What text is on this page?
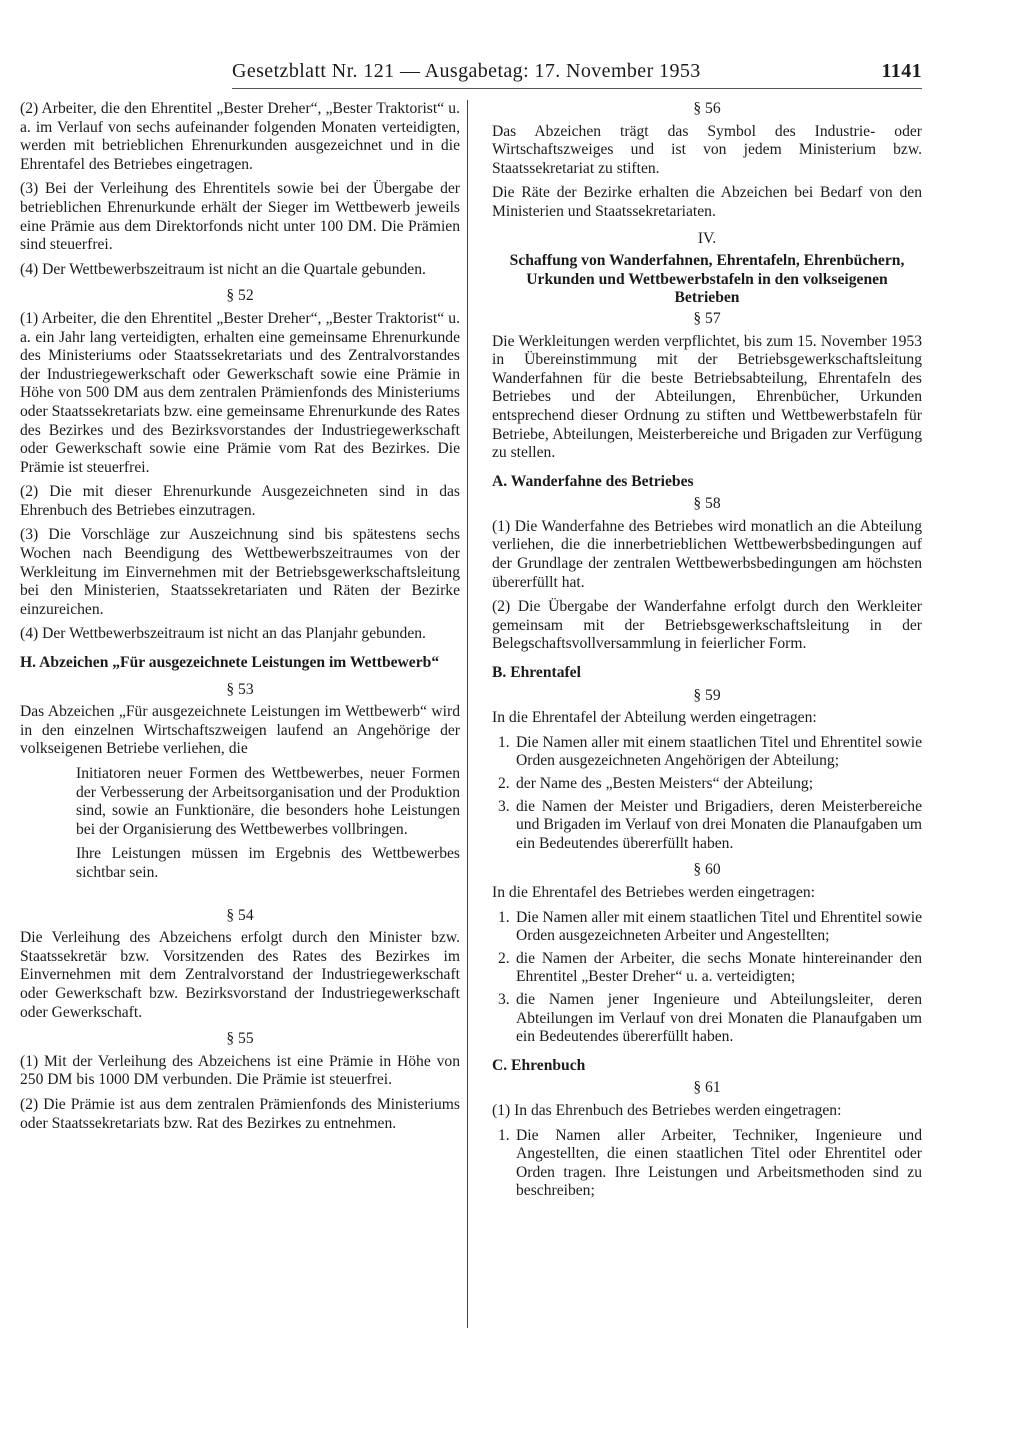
Gesetzblatt Nr. 121 — Ausgabetag: 17. November 1953	1141

(2) Arbeiter, die den Ehrentitel „Bester Dreher“, „Bester Traktorist“ u. a. im Verlauf von sechs aufeinander folgenden Monaten verteidigten, werden mit betrieblichen Ehrenurkunden ausgezeichnet und in die Ehrentafel des Betriebes eingetragen.

(3) Bei der Verleihung des Ehrentitels sowie bei der Übergabe der betrieblichen Ehrenurkunde erhält der Sieger im Wettbewerb jeweils eine Prämie aus dem Direktorfonds nicht unter 100 DM. Die Prämien sind steuerfrei.

(4) Der Wettbewerbszeitraum ist nicht an die Quartale gebunden.

§ 52

(1) Arbeiter, die den Ehrentitel „Bester Dreher“, „Bester Traktorist“ u. a. ein Jahr lang verteidigten, erhalten eine gemeinsame Ehrenurkunde des Ministeriums oder Staatssekretariats und des Zentralvorstandes der Industriegewerkschaft oder Gewerkschaft sowie eine Prämie in Höhe von 500 DM aus dem zentralen Prämienfonds des Ministeriums oder Staatssekretariats bzw. eine gemeinsame Ehrenurkunde des Rates des Bezirkes und des Bezirksvorstandes der Industriegewerkschaft oder Gewerkschaft sowie eine Prämie vom Rat des Bezirkes. Die Prämie ist steuerfrei.

(2) Die mit dieser Ehrenurkunde Ausgezeichneten sind in das Ehrenbuch des Betriebes einzutragen.

(3) Die Vorschläge zur Auszeichnung sind bis spätestens sechs Wochen nach Beendigung des Wettbewerbszeitraumes von der Werkleitung im Einvernehmen mit der Betriebsgewerkschaftsleitung bei den Ministerien, Staatssekretariaten und Räten der Bezirke einzureichen.

(4) Der Wettbewerbszeitraum ist nicht an das Planjahr gebunden.

H. Abzeichen „Für ausgezeichnete Leistungen im Wettbewerb“
§ 53

Das Abzeichen „Für ausgezeichnete Leistungen im Wettbewerb“ wird in den einzelnen Wirtschaftszweigen laufend an Angehörige der volkseigenen Betriebe verliehen, die

Initiatoren neuer Formen des Wettbewerbes, neuer Formen der Verbesserung der Arbeitsorganisation und der Produktion sind, sowie an Funktionäre, die besonders hohe Leistungen bei der Organisierung des Wettbewerbes vollbringen.

Ihre Leistungen müssen im Ergebnis des Wettbewerbes sichtbar sein.

§ 54

Die Verleihung des Abzeichens erfolgt durch den Minister bzw. Staatssekretär bzw. Vorsitzenden des Rates des Bezirkes im Einvernehmen mit dem Zentralvorstand der Industriegewerkschaft oder Gewerkschaft bzw. Bezirksvorstand der Industriegewerkschaft oder Gewerkschaft.

§ 55

(1) Mit der Verleihung des Abzeichens ist eine Prämie in Höhe von 250 DM bis 1000 DM verbunden. Die Prämie ist steuerfrei.

(2) Die Prämie ist aus dem zentralen Prämienfonds des Ministeriums oder Staatssekretariats bzw. Rat des Bezirkes zu entnehmen.

§ 56

Das Abzeichen trägt das Symbol des Industrie- oder Wirtschaftszweiges und ist von jedem Ministerium bzw. Staatssekretariat zu stiften.

Die Räte der Bezirke erhalten die Abzeichen bei Bedarf von den Ministerien und Staatssekretariaten.

IV.
Schaffung von Wanderfahnen, Ehrentafeln, Ehrenbüchern, Urkunden und Wettbewerbstafeln in den volkseigenen Betrieben
§ 57

Die Werkleitungen werden verpflichtet, bis zum 15. November 1953 in Übereinstimmung mit der Betriebsgewerkschaftsleitung Wanderfahnen für die beste Betriebsabteilung, Ehrentafeln des Betriebes und der Abteilungen, Ehrenbücher, Urkunden entsprechend dieser Ordnung zu stiften und Wettbewerbstafeln für Betriebe, Abteilungen, Meisterbereiche und Brigaden zur Verfügung zu stellen.

A. Wanderfahne des Betriebes
§ 58

(1) Die Wanderfahne des Betriebes wird monatlich an die Abteilung verliehen, die die innerbetrieblichen Wettbewerbsbedingungen auf der Grundlage der zentralen Wettbewerbsbedingungen am höchsten übererfüllt hat.

(2) Die Übergabe der Wanderfahne erfolgt durch den Werkleiter gemeinsam mit der Betriebsgewerkschaftsleitung in der Belegschaftsvollversammlung in feierlicher Form.

B. Ehrentafel
§ 59

In die Ehrentafel der Abteilung werden eingetragen:

1. Die Namen aller mit einem staatlichen Titel und Ehrentitel sowie Orden ausgezeichneten Angehörigen der Abteilung;
2. der Name des „Besten Meisters“ der Abteilung;
3. die Namen der Meister und Brigadiers, deren Meisterbereiche und Brigaden im Verlauf von drei Monaten die Planaufgaben um ein Bedeutendes übererfüllt haben.
§ 60

In die Ehrentafel des Betriebes werden eingetragen:

1. Die Namen aller mit einem staatlichen Titel und Ehrentitel sowie Orden ausgezeichneten Arbeiter und Angestellten;
2. die Namen der Arbeiter, die sechs Monate hintereinander den Ehrentitel „Bester Dreher“ u. a. verteidigten;
3. die Namen jener Ingenieure und Abteilungsleiter, deren Abteilungen im Verlauf von drei Monaten die Planaufgaben um ein Bedeutendes übererfüllt haben.
C. Ehrenbuch
§ 61

(1) In das Ehrenbuch des Betriebes werden eingetragen:

1. Die Namen aller Arbeiter, Techniker, Ingenieure und Angestellten, die einen staatlichen Titel oder Ehrentitel oder Orden tragen. Ihre Leistungen und Arbeitsmethoden sind zu beschreiben;
